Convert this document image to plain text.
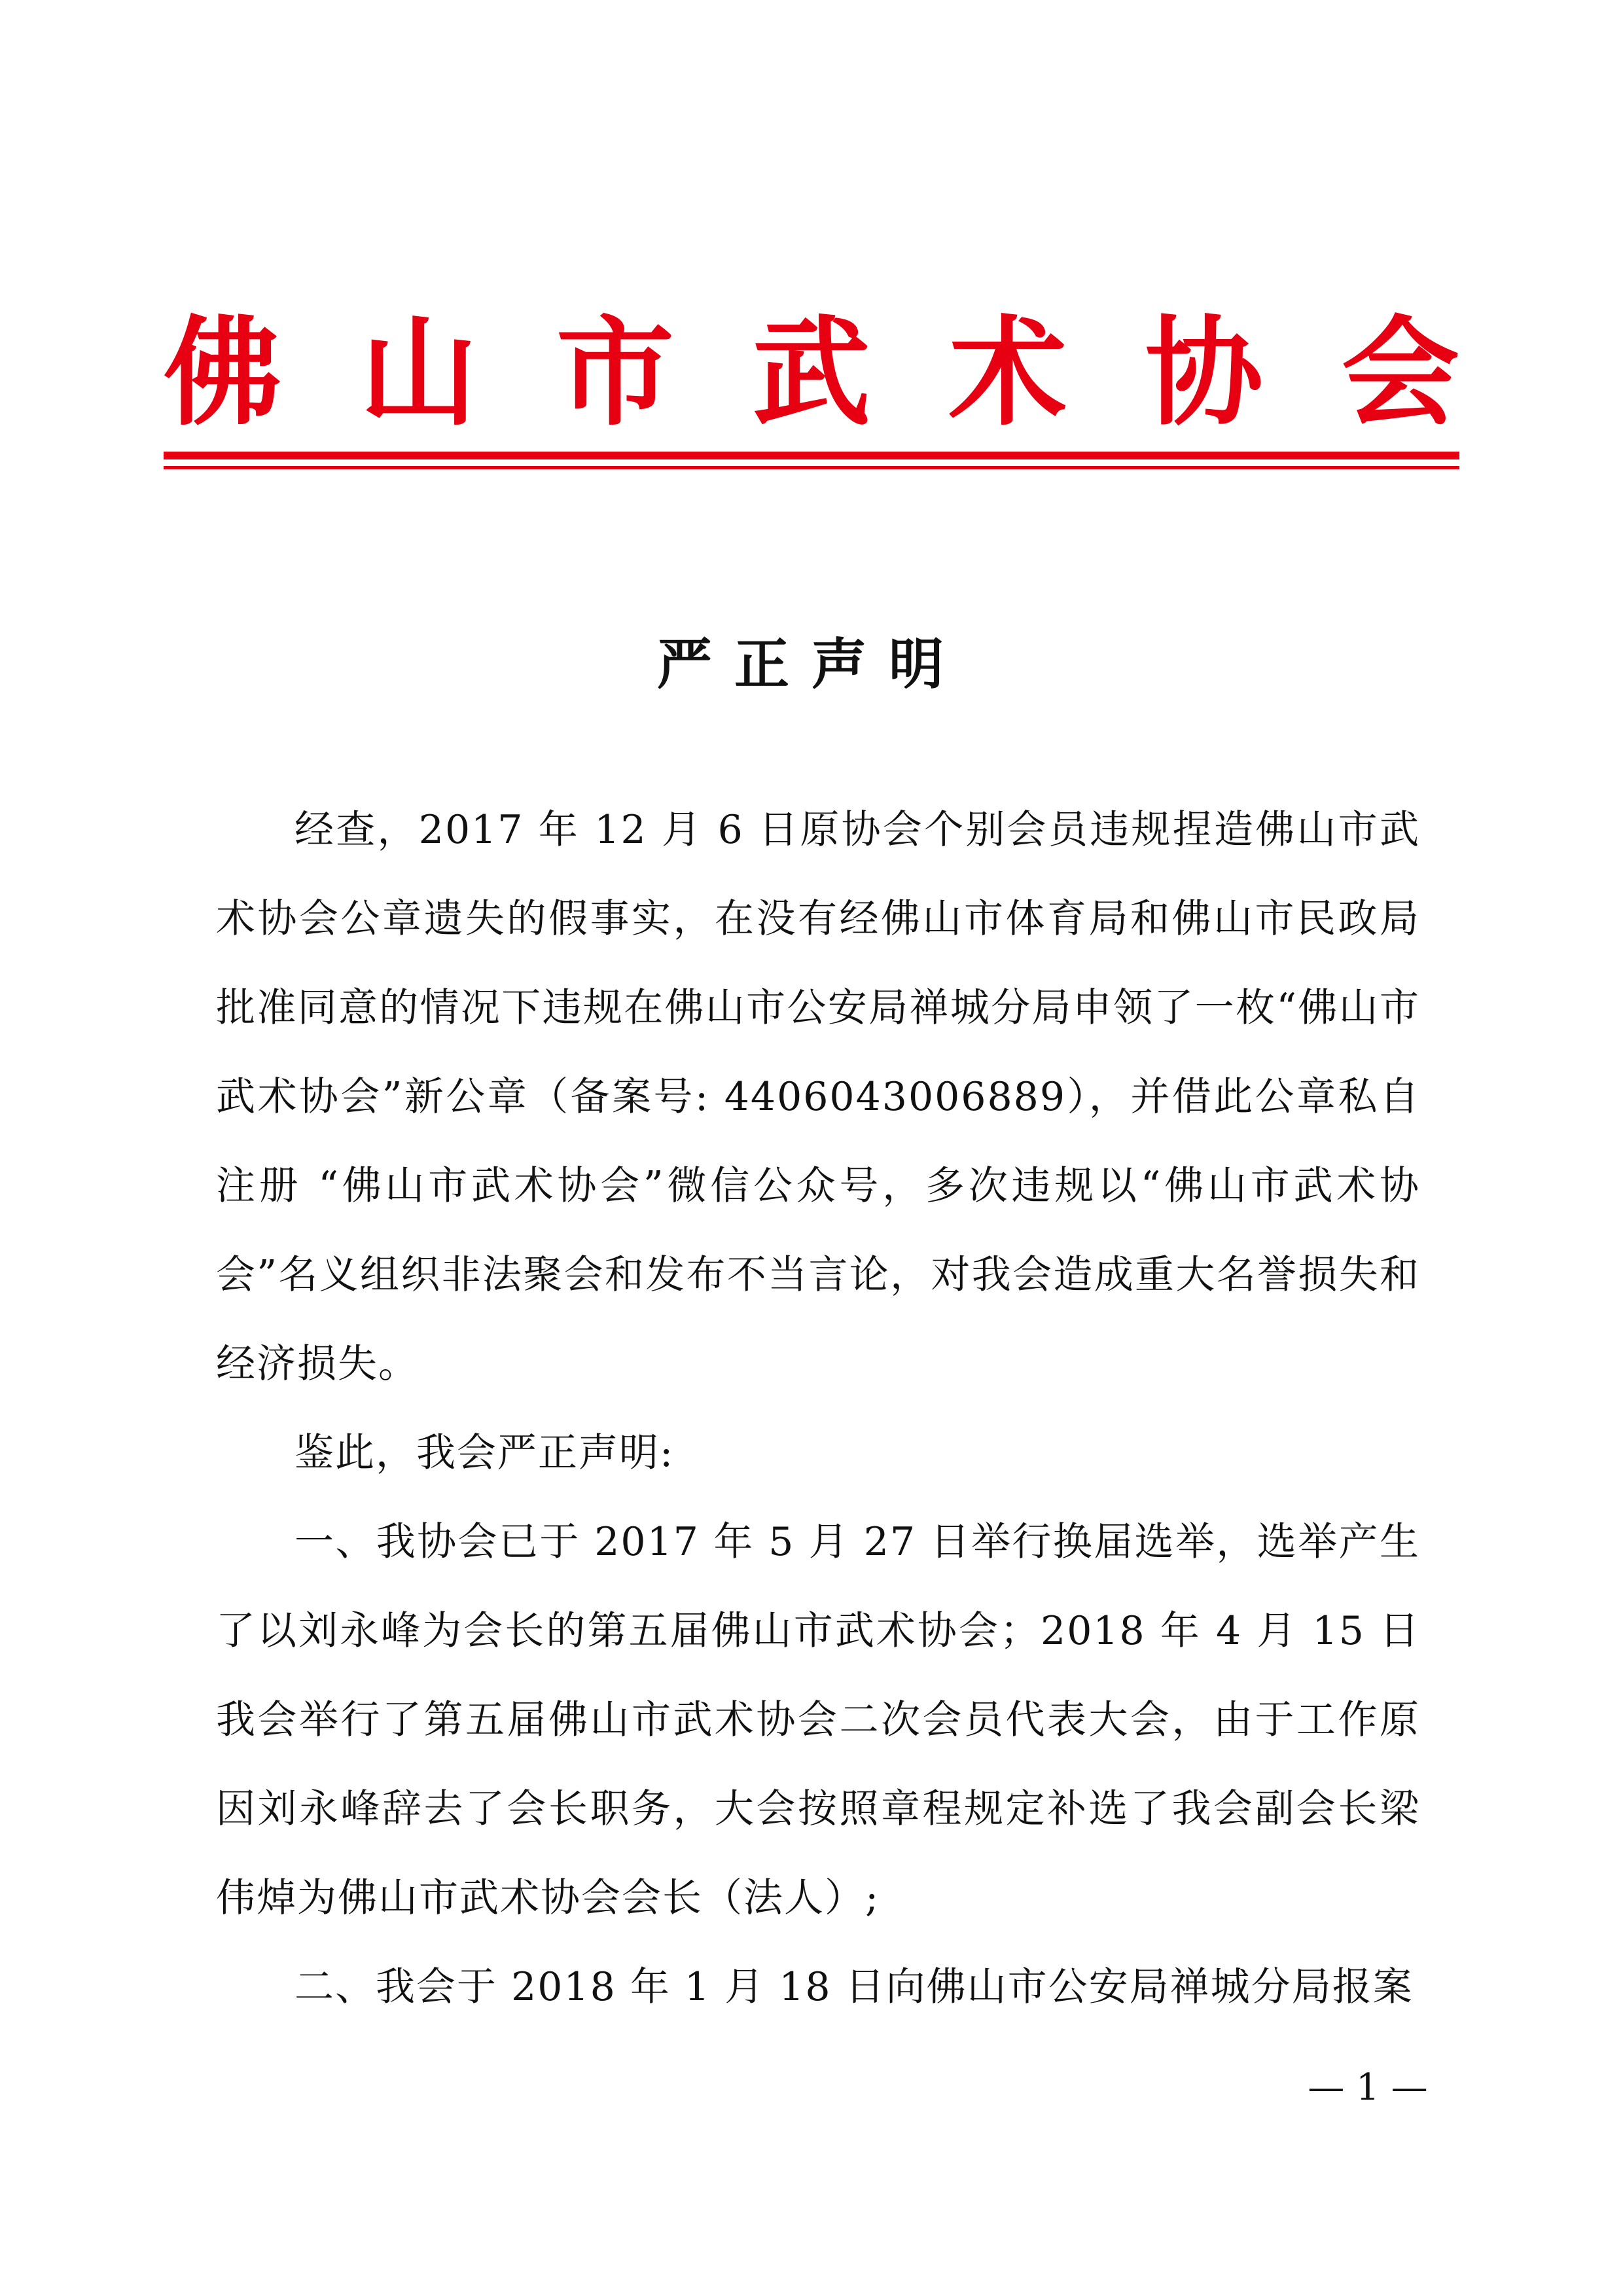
佛 山 市 武 术 协 会
严正声明

经查，2017 年 12 月 6 日原协会个别会员违规捏造佛山市武术协会公章遗失的假事实，在没有经佛山市体育局和佛山市民政局批准同意的情况下违规在佛山市公安局禅城分局申领了一枚“佛山市武术协会”新公章（备案号: 4406043006889），并借此公章私自注册 “佛山市武术协会”微信公众号，多次违规以“佛山市武术协会”名义组织非法聚会和发布不当言论，对我会造成重大名誉损失和经济损失。

鉴此，我会严正声明:

一、我协会已于 2017 年 5 月 27 日举行换届选举，选举产生了以刘永峰为会长的第五届佛山市武术协会；2018 年 4 月 15 日我会举行了第五届佛山市武术协会二次会员代表大会，由于工作原因刘永峰辞去了会长职务，大会按照章程规定补选了我会副会长梁伟焯为佛山市武术协会会长（法人）;

二、我会于 2018 年 1 月 18 日向佛山市公安局禅城分局报案

— 1 —
